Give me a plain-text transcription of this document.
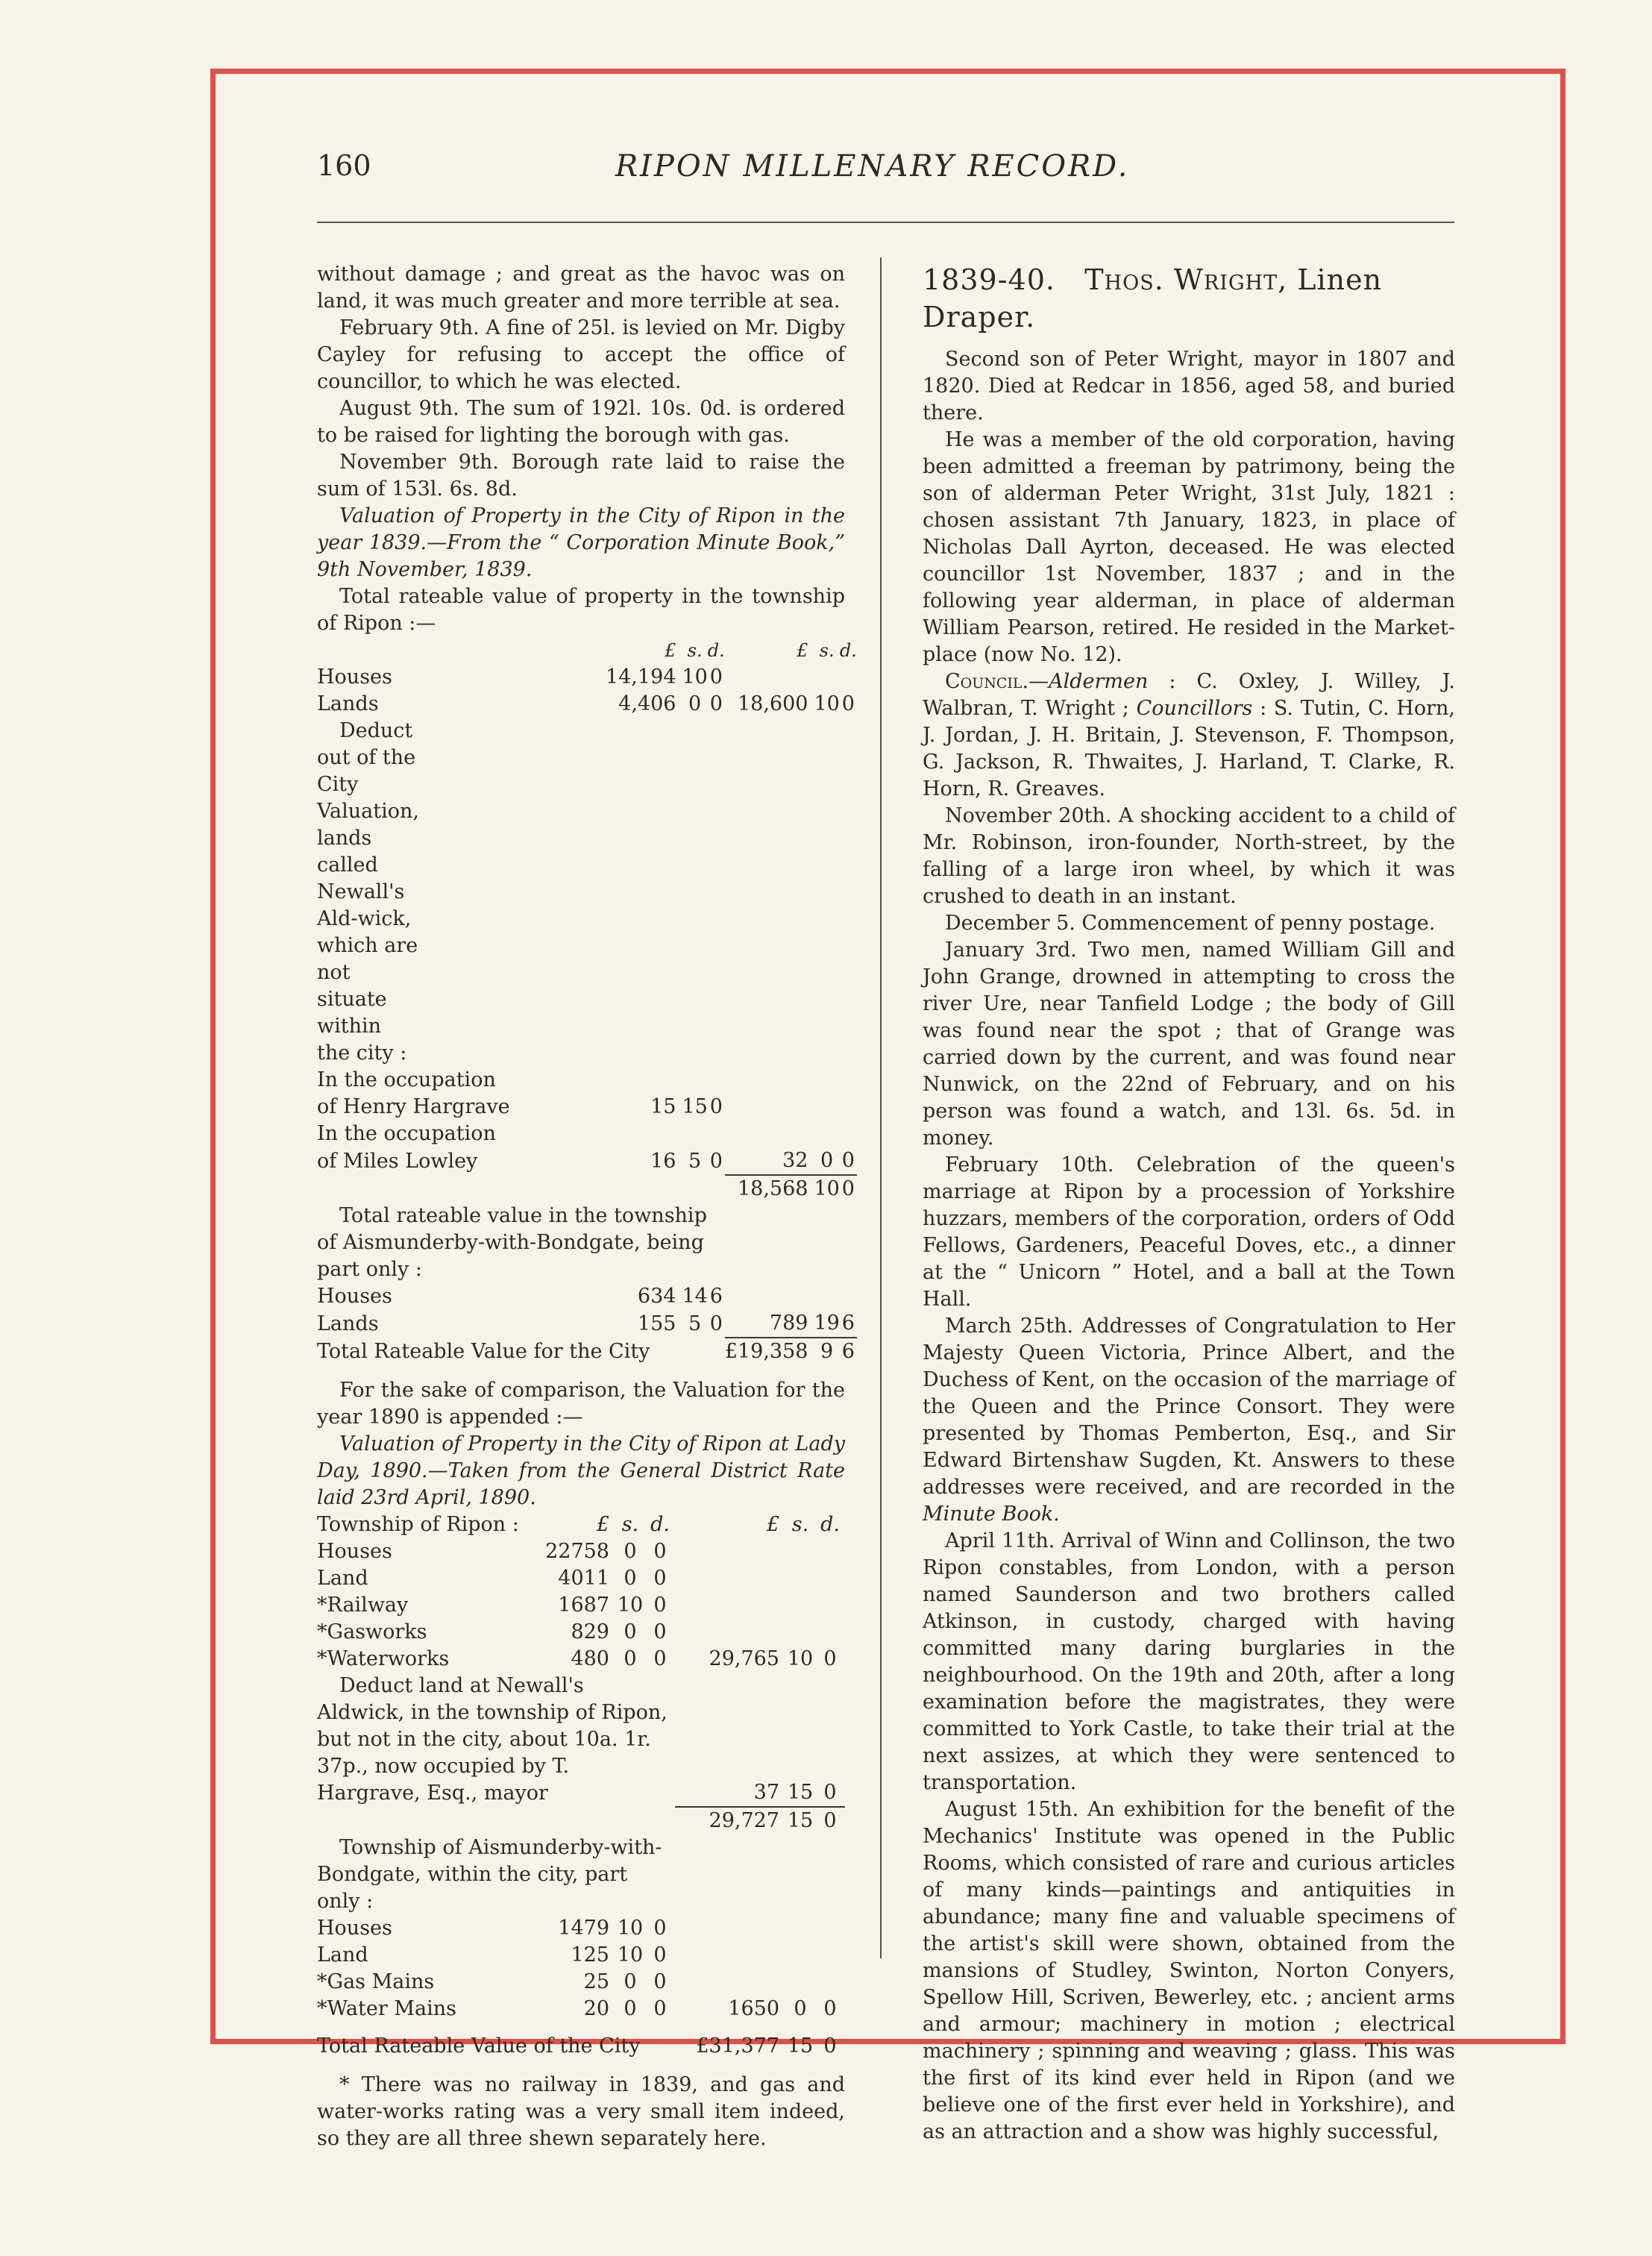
160	RIPON MILLENARY RECORD.

without damage ; and great as the havoc was on land, it was much greater and more terrible at sea.

February 9th. A fine of 25l. is levied on Mr. Digby Cayley for refusing to accept the office of councillor, to which he was elected.

August 9th. The sum of 192l. 10s. 0d. is ordered to be raised for lighting the borough with gas.

November 9th. Borough rate laid to raise the sum of 153l. 6s. 8d.

Valuation of Property in the City of Ripon in the year 1839.—From the “ Corporation Minute Book,” 9th November, 1839.

Total rateable value of property in the township of Ripon :—

	£	s.	d.	£	s.	d.
Houses	14,194	10	0			
Lands	4,406	0	0	18,600	10	0
Deduct out of the City Valuation, lands called Newall's Ald-wick, which are not situate within the city :						
In the occupation						
of Henry Hargrave	15	15	0			
In the occupation						
of Miles Lowley	16	5	0	32	0	0
				18,568	10	0
Total rateable value in the township of Aismunderby-with-Bondgate, being part only :						
Houses	634	14	6			
Lands	155	5	0	789	19	6
Total Rateable Value for the City				£19,358	9	6

For the sake of comparison, the Valuation for the year 1890 is appended :—

Valuation of Property in the City of Ripon at Lady Day, 1890.—Taken from the General District Rate laid 23rd April, 1890.

Township of Ripon :	£	s.	d.	£	s.	d.
Houses	22758	0	0			
Land	4011	0	0			
*Railway	1687	10	0			
*Gasworks	829	0	0			
*Waterworks	480	0	0	29,765	10	0
Deduct land at Newall's Aldwick, in the township of Ripon, but not in the city, about 10a. 1r. 37p., now occupied by T. Hargrave, Esq., mayor				37	15	0
				29,727	15	0
Township of Aismunderby-with-Bondgate, within the city, part only :						
Houses	1479	10	0			
Land	125	10	0			
*Gas Mains	25	0	0			
*Water Mains	20	0	0	1650	0	0
Total Rateable Value of the City				£31,377	15	0

* There was no railway in 1839, and gas and water-works rating was a very small item indeed, so they are all three shewn separately here.

1839-40. Thos. Wright, Linen Draper.

Second son of Peter Wright, mayor in 1807 and 1820. Died at Redcar in 1856, aged 58, and buried there.

He was a member of the old corporation, having been admitted a freeman by patrimony, being the son of alderman Peter Wright, 31st July, 1821 : chosen assistant 7th January, 1823, in place of Nicholas Dall Ayrton, deceased. He was elected councillor 1st November, 1837 ; and in the following year alderman, in place of alderman William Pearson, retired. He resided in the Market-place (now No. 12).

Council.—Aldermen : C. Oxley, J. Willey, J. Walbran, T. Wright ; Councillors : S. Tutin, C. Horn, J. Jordan, J. H. Britain, J. Stevenson, F. Thompson, G. Jackson, R. Thwaites, J. Harland, T. Clarke, R. Horn, R. Greaves.

November 20th. A shocking accident to a child of Mr. Robinson, iron-founder, North-street, by the falling of a large iron wheel, by which it was crushed to death in an instant.

December 5. Commencement of penny postage.

January 3rd. Two men, named William Gill and John Grange, drowned in attempting to cross the river Ure, near Tanfield Lodge ; the body of Gill was found near the spot ; that of Grange was carried down by the current, and was found near Nunwick, on the 22nd of February, and on his person was found a watch, and 13l. 6s. 5d. in money.

February 10th. Celebration of the queen's marriage at Ripon by a procession of Yorkshire huzzars, members of the corporation, orders of Odd Fellows, Gardeners, Peaceful Doves, etc., a dinner at the “ Unicorn ” Hotel, and a ball at the Town Hall.

March 25th. Addresses of Congratulation to Her Majesty Queen Victoria, Prince Albert, and the Duchess of Kent, on the occasion of the marriage of the Queen and the Prince Consort. They were presented by Thomas Pemberton, Esq., and Sir Edward Birtenshaw Sugden, Kt. Answers to these addresses were received, and are recorded in the Minute Book.

April 11th. Arrival of Winn and Collinson, the two Ripon constables, from London, with a person named Saunderson and two brothers called Atkinson, in custody, charged with having committed many daring burglaries in the neighbourhood. On the 19th and 20th, after a long examination before the magistrates, they were committed to York Castle, to take their trial at the next assizes, at which they were sentenced to transportation.

August 15th. An exhibition for the benefit of the Mechanics' Institute was opened in the Public Rooms, which consisted of rare and curious articles of many kinds—paintings and antiquities in abundance; many fine and valuable specimens of the artist's skill were shown, obtained from the mansions of Studley, Swinton, Norton Conyers, Spellow Hill, Scriven, Bewerley, etc. ; ancient arms and armour; machinery in motion ; electrical machinery ; spinning and weaving ; glass. This was the first of its kind ever held in Ripon (and we believe one of the first ever held in Yorkshire), and as an attraction and a show was highly successful,
